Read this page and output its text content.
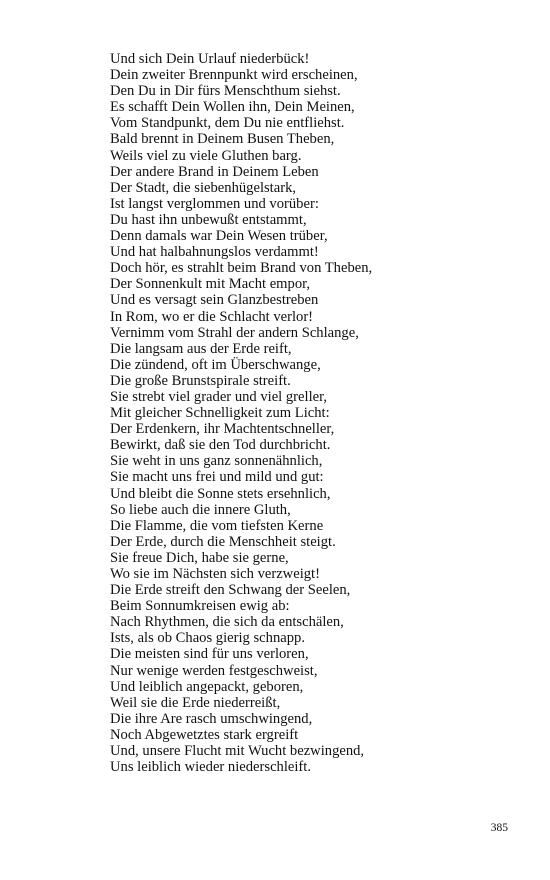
Und sich Dein Urlauf niederbück!
Dein zweiter Brennpunkt wird erscheinen,
Den Du in Dir fürs Menschthum siehst.
Es schafft Dein Wollen ihn, Dein Meinen,
Vom Standpunkt, dem Du nie entfliehst.
Bald brennt in Deinem Busen Theben,
Weils viel zu viele Gluthen barg.
Der andere Brand in Deinem Leben
Der Stadt, die siebenhügelstark,
Ist langst verglommen und vorüber:
Du hast ihn unbewußt entstammt,
Denn damals war Dein Wesen trüber,
Und hat halbahnungslos verdammt!
Doch hör, es strahlt beim Brand von Theben,
Der Sonnenkult mit Macht empor,
Und es versagt sein Glanzbestreben
In Rom, wo er die Schlacht verlor!
Vernimm vom Strahl der andern Schlange,
Die langsam aus der Erde reift,
Die zündend, oft im Überschwange,
Die große Brunstspirale streift.
Sie strebt viel grader und viel greller,
Mit gleicher Schnelligkeit zum Licht:
Der Erdenkern, ihr Machtentschneller,
Bewirkt, daß sie den Tod durchbricht.
Sie weht in uns ganz sonnenähnlich,
Sie macht uns frei und mild und gut:
Und bleibt die Sonne stets ersehnlich,
So liebe auch die innere Gluth,
Die Flamme, die vom tiefsten Kerne
Der Erde, durch die Menschheit steigt.
Sie freue Dich, habe sie gerne,
Wo sie im Nächsten sich verzweigt!
Die Erde streift den Schwang der Seelen,
Beim Sonnumkreisen ewig ab:
Nach Rhythmen, die sich da entschälen,
Ists, als ob Chaos gierig schnapp.
Die meisten sind für uns verloren,
Nur wenige werden festgeschweist,
Und leiblich angepackt, geboren,
Weil sie die Erde niederreißt,
Die ihre Are rasch umschwingend,
Noch Abgewetztes stark ergreift
Und, unsere Flucht mit Wucht bezwingend,
Uns leiblich wieder niederschleift.
385
